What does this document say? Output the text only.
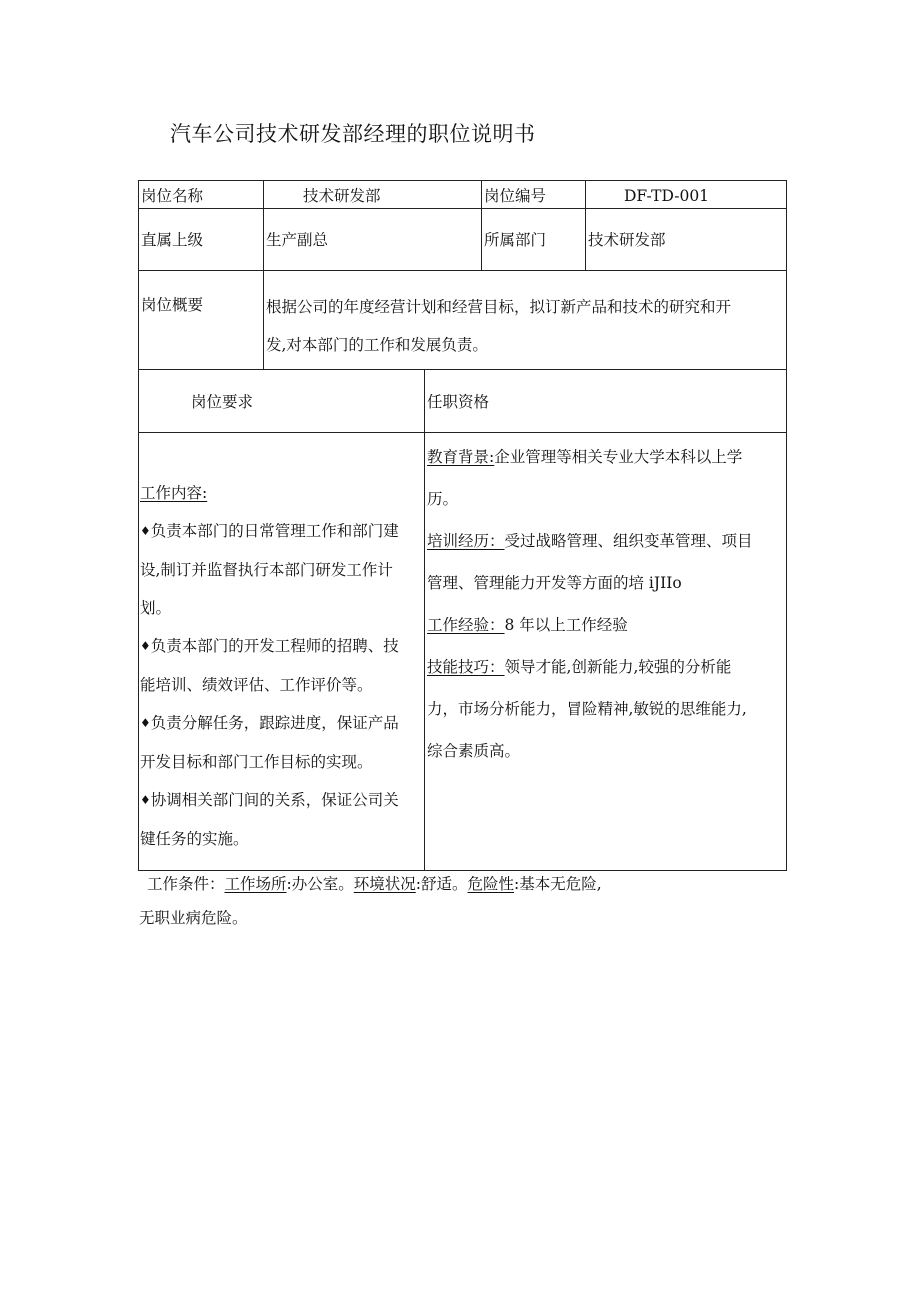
汽车公司技术研发部经理的职位说明书
岗位名称	技术研发部	岗位编号	DF-TD-001
直属上级	生产副总	所属部门	技术研发部
岗位概要	根据公司的年度经营计划和经营目标，拟订新产品和技术的研究和开
发,对本部门的工作和发展负责。
岗位要求	任职资格
工作内容:
♦负责本部门的日常管理工作和部门建
设,制订并监督执行本部门研发工作计
划。
♦负责本部门的开发工程师的招聘、技
能培训、绩效评估、工作评价等。
♦负责分解任务，跟踪进度，保证产品
开发目标和部门工作目标的实现。
♦协调相关部门间的关系，保证公司关
键任务的实施。
教育背景:企业管理等相关专业大学本科以上学
历。
培训经历：受过战略管理、组织变革管理、项目
管理、管理能力开发等方面的培 iJIIo
工作经验：8 年以上工作经验
技能技巧：领导才能,创新能力,较强的分析能
力，市场分析能力，冒险精神,敏锐的思维能力,
综合素质高。
工作条件：工作场所:办公室。环境状况:舒适。危险性:基本无危险,
无职业病危险。
